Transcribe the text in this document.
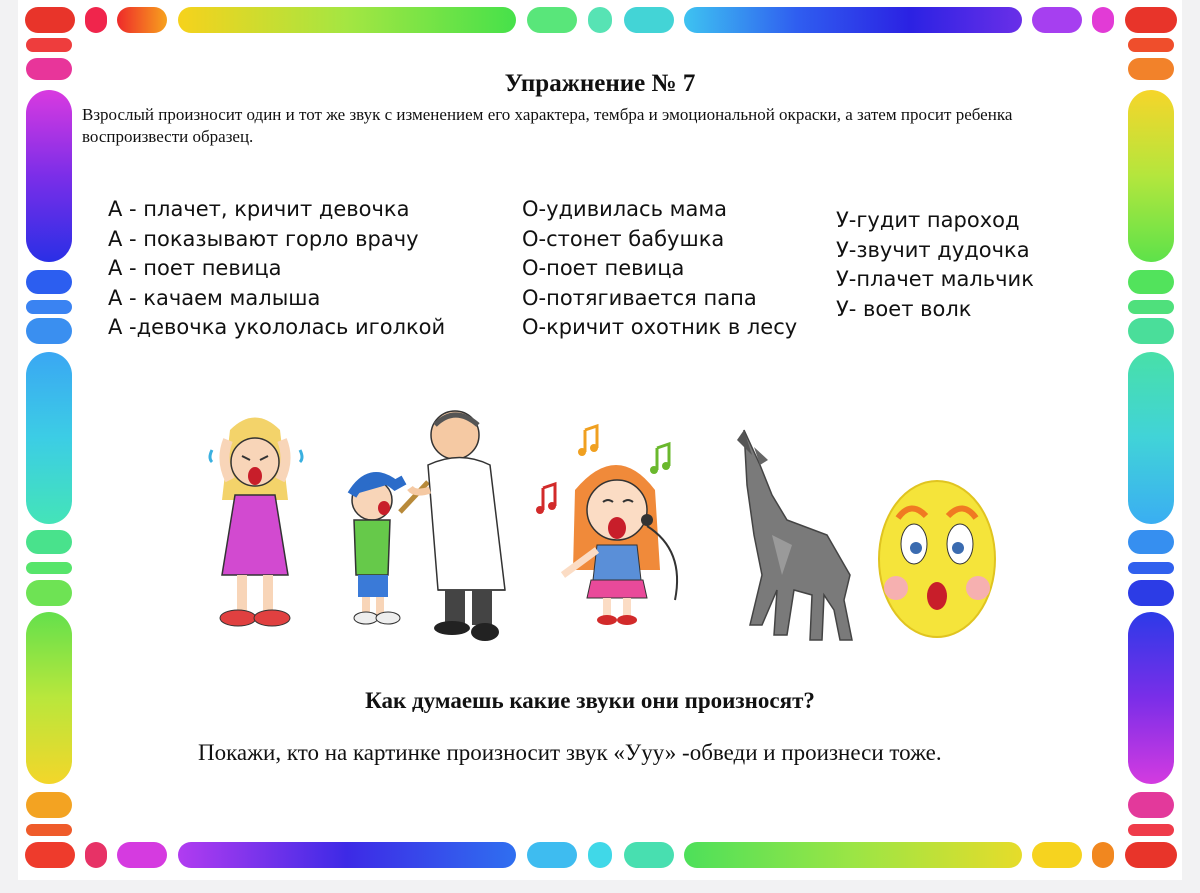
Упражнение № 7
Взрослый произносит один и тот же звук с изменением его характера, тембра и эмоциональной окраски, а затем просит ребенка воспроизвести образец.
А - плачет, кричит девочка
А - показывают горло врачу
А - поет певица
А - качаем малыша
А -девочка укололась иголкой
О-удивилась мама
О-стонет бабушка
О-поет певица
О-потягивается папа
О-кричит охотник в лесу
У-гудит пароход
У-звучит дудочка
У-плачет мальчик
У- воет волк
Как думаешь какие звуки они произносят?
Покажи, кто на картинке произносит звук «Ууу» -обведи и произнеси тоже.
